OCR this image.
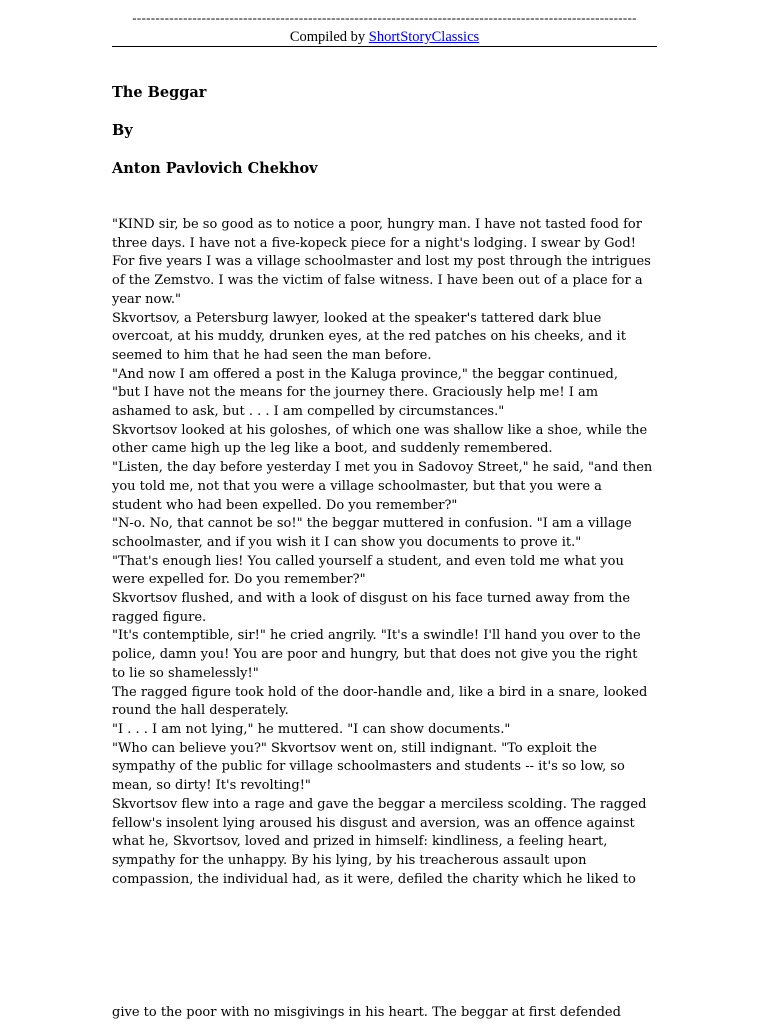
-------------------------------------------------------------------------------------------------------------
Compiled by ShortStoryClassics
The Beggar
By
Anton Pavlovich Chekhov

"KIND sir, be so good as to notice a poor, hungry man. I have not tasted food for
three days. I have not a five-kopeck piece for a night's lodging. I swear by God!
For five years I was a village schoolmaster and lost my post through the intrigues
of the Zemstvo. I was the victim of false witness. I have been out of a place for a
year now."

Skvortsov, a Petersburg lawyer, looked at the speaker's tattered dark blue
overcoat, at his muddy, drunken eyes, at the red patches on his cheeks, and it
seemed to him that he had seen the man before.

"And now I am offered a post in the Kaluga province," the beggar continued,
"but I have not the means for the journey there. Graciously help me! I am
ashamed to ask, but . . . I am compelled by circumstances."

Skvortsov looked at his goloshes, of which one was shallow like a shoe, while the
other came high up the leg like a boot, and suddenly remembered.

"Listen, the day before yesterday I met you in Sadovoy Street," he said, "and then
you told me, not that you were a village schoolmaster, but that you were a
student who had been expelled. Do you remember?"

"N-o. No, that cannot be so!" the beggar muttered in confusion. "I am a village
schoolmaster, and if you wish it I can show you documents to prove it."

"That's enough lies! You called yourself a student, and even told me what you
were expelled for. Do you remember?"

Skvortsov flushed, and with a look of disgust on his face turned away from the
ragged figure.

"It's contemptible, sir!" he cried angrily. "It's a swindle! I'll hand you over to the
police, damn you! You are poor and hungry, but that does not give you the right
to lie so shamelessly!"

The ragged figure took hold of the door-handle and, like a bird in a snare, looked
round the hall desperately.

"I . . . I am not lying," he muttered. "I can show documents."

"Who can believe you?" Skvortsov went on, still indignant. "To exploit the
sympathy of the public for village schoolmasters and students -- it's so low, so
mean, so dirty! It's revolting!"

Skvortsov flew into a rage and gave the beggar a merciless scolding. The ragged
fellow's insolent lying aroused his disgust and aversion, was an offence against
what he, Skvortsov, loved and prized in himself: kindliness, a feeling heart,
sympathy for the unhappy. By his lying, by his treacherous assault upon
compassion, the individual had, as it were, defiled the charity which he liked to

give to the poor with no misgivings in his heart. The beggar at first defended
